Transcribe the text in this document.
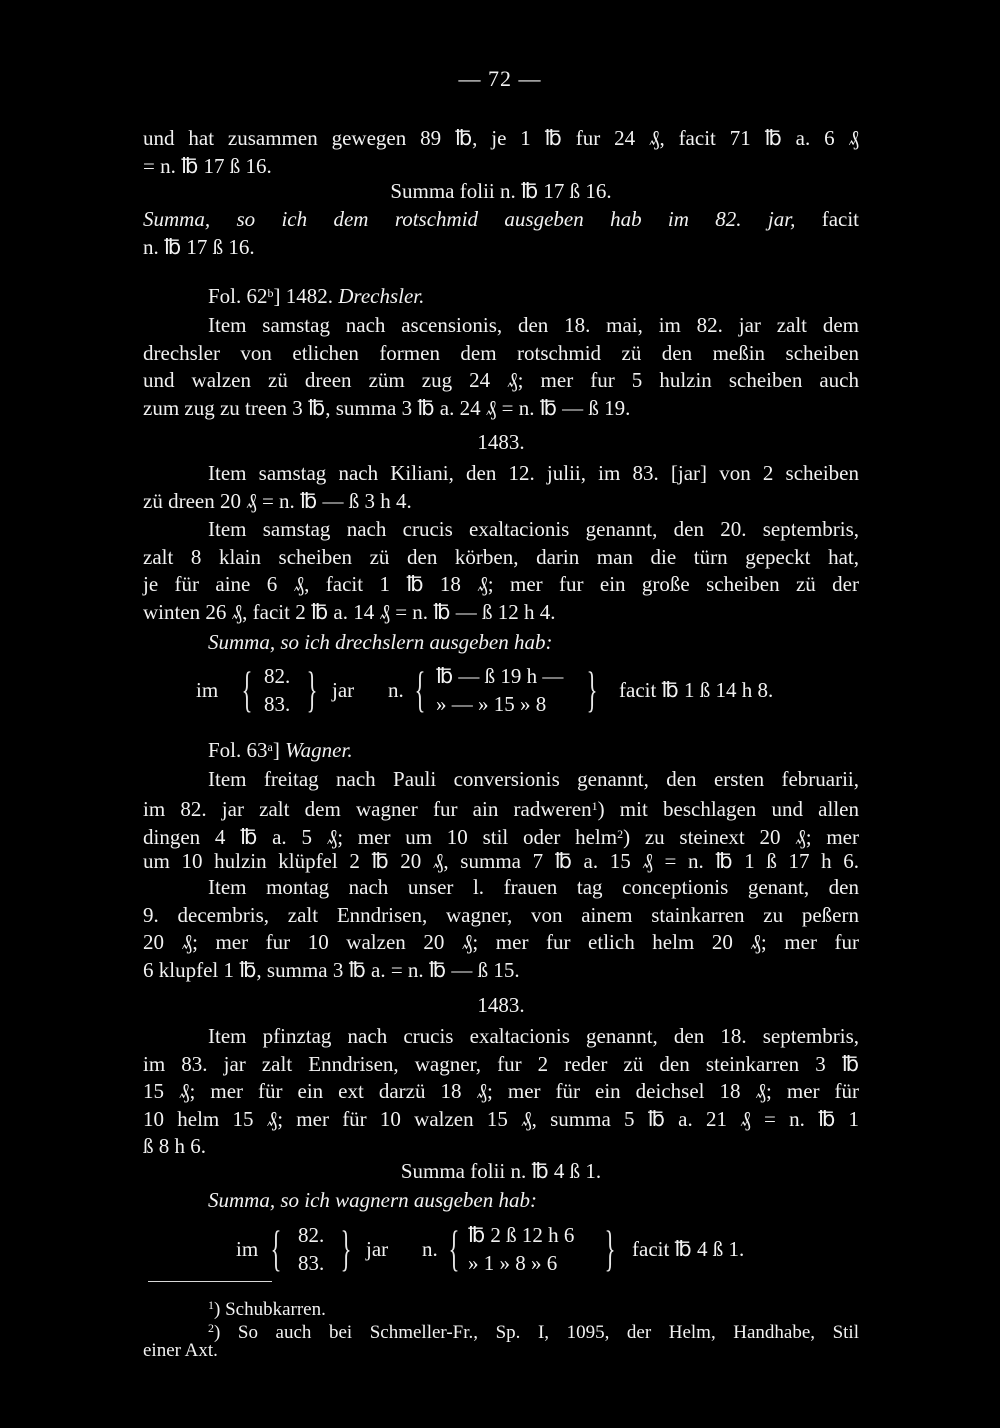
— 72 —
und hat zusammen gewegen 89 ℔, je 1 ℔ fur 24 ₰, facit 71 ℔ a. 6 ₰
= n. ℔ 17 ß 16.
Summa folii n. ℔ 17 ß 16.
Summa, so ich dem rotschmid ausgeben hab im 82. jar, facit
n. ℔ 17 ß 16.
Fol. 62$^b$] 1482. Drechsler.
Item samstag nach ascensionis, den 18. mai, im 82. jar zalt dem
drechsler von etlichen formen dem rotschmid zü den meßin scheiben
und walzen zü dreen züm zug 24 ₰; mer fur 5 hulzin scheiben auch
zum zug zu treen 3 ℔, summa 3 ℔ a. 24 ₰ = n. ℔ — ß 19.
1483.
Item samstag nach Kiliani, den 12. julii, im 83. [jar] von 2 scheiben
zü dreen 20 ₰ = n. ℔ — ß 3 h 4.
Item samstag nach crucis exaltacionis genannt, den 20. septembris,
zalt 8 klain scheiben zü den körben, darin man die türn gepeckt hat,
je für aine 6 ₰, facit 1 ℔ 18 ₰; mer fur ein große scheiben zü der
winten 26 ₰, facit 2 ℔ a. 14 ₰ = n. ℔ — ß 12 h 4.
Summa, so ich drechslern ausgeben hab:
im { 82.
83. } jar n. { ℔ — ß 19 h —
» — » 15 » 8 } facit ℔ 1 ß 14 h 8.
Fol. 63$^a$] Wagner.
Item freitag nach Pauli conversionis genannt, den ersten februarii,
im 82. jar zalt dem wagner fur ain radweren$^1$) mit beschlagen und allen
dingen 4 ℔ a. 5 ₰; mer um 10 stil oder helm$^2$) zu steinext 20 ₰; mer
um 10 hulzin klüpfel 2 ℔ 20 ₰, summa 7 ℔ a. 15 ₰ = n. ℔ 1 ß 17 h 6.
Item montag nach unser l. frauen tag conceptionis genant, den
9. decembris, zalt Enndrisen, wagner, von ainem stainkarren zu peßern
20 ₰; mer fur 10 walzen 20 ₰; mer fur etlich helm 20 ₰; mer fur
6 klupfel 1 ℔, summa 3 ℔ a. = n. ℔ — ß 15.
1483.
Item pfinztag nach crucis exaltacionis genannt, den 18. septembris,
im 83. jar zalt Enndrisen, wagner, fur 2 reder zü den steinkarren 3 ℔
15 ₰; mer für ein ext darzü 18 ₰; mer für ein deichsel 18 ₰; mer für
10 helm 15 ₰; mer für 10 walzen 15 ₰, summa 5 ℔ a. 21 ₰ = n. ℔ 1
ß 8 h 6.
Summa folii n. ℔ 4 ß 1.
Summa, so ich wagnern ausgeben hab:
im { 82.
83. } jar n. { ℔ 2 ß 12 h 6
» 1 » 8 » 6 } facit ℔ 4 ß 1.
$^1$) Schubkarren.
$^2$) So auch bei Schmeller-Fr., Sp. I, 1095, der Helm, Handhabe, Stil
einer Axt.
